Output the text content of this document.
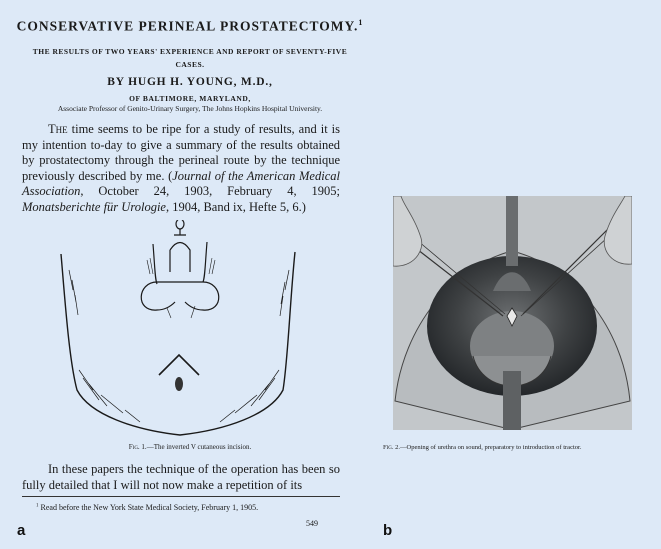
CONSERVATIVE PERINEAL PROSTATECTOMY.$^1$
THE RESULTS OF TWO YEARS' EXPERIENCE AND REPORT OF SEVENTY-FIVE CASES.
BY HUGH H. YOUNG, M.D.,
OF BALTIMORE, MARYLAND,
Associate Professor of Genito-Urinary Surgery, The Johns Hopkins Hospital University.
The time seems to be ripe for a study of results, and it is my intention to-day to give a summary of the results obtained by prostatectomy through the perineal route by the technique previously described by me. (Journal of the American Medical Association, October 24, 1903, February 4, 1905; Monatsberichte für Urologie, 1904, Band ix, Hefte 5, 6.)
Fig. 1.—The inverted V cutaneous incision.
In these papers the technique of the operation has been so fully detailed that I will not now make a repetition of its
$^1$ Read before the New York State Medical Society, February 1, 1905.
549
a
Fig. 2.—Opening of urethra on sound, preparatory to introduction of tractor.
b
